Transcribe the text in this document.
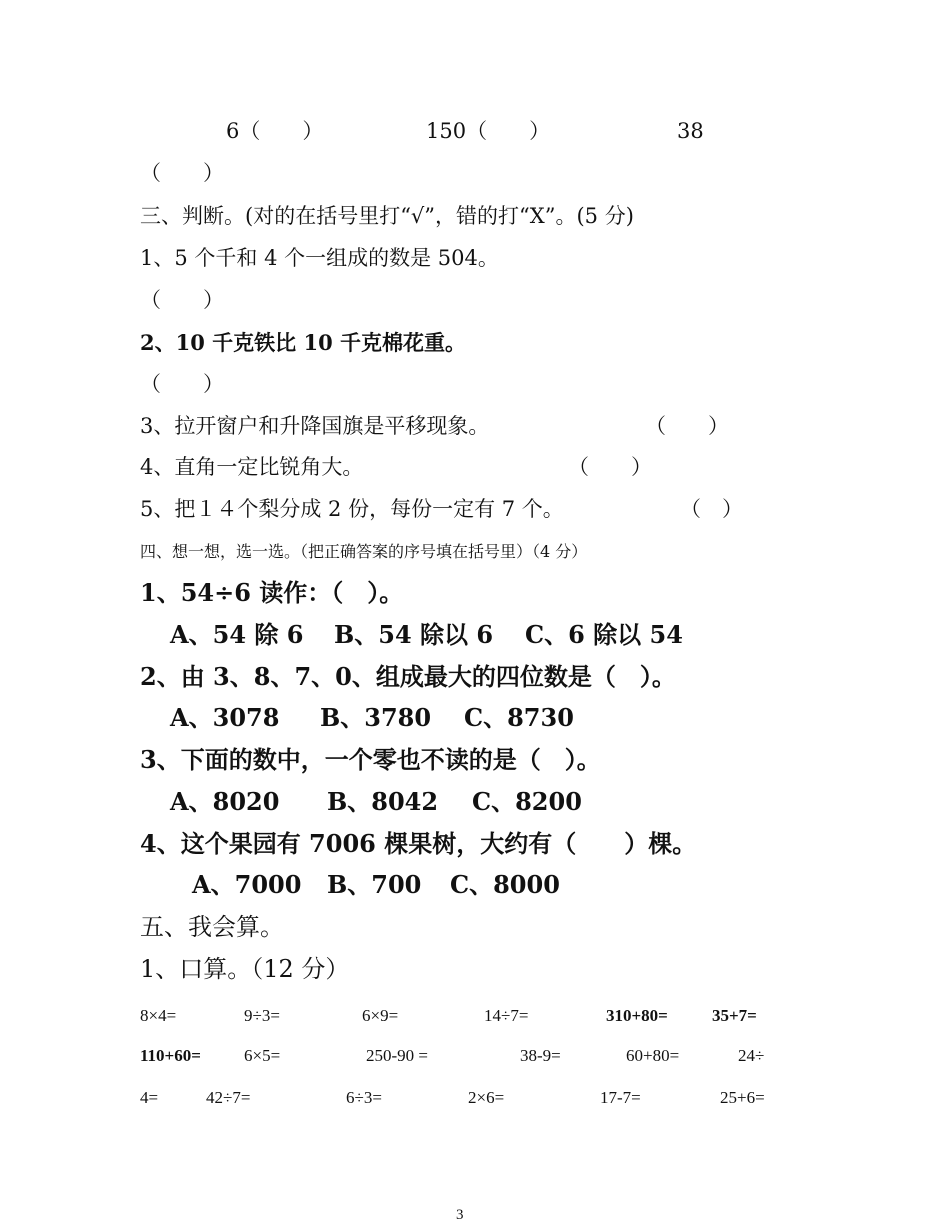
6（　　）	150（　　）	38
（　　）
三、判断。(对的在括号里打“√”，错的打“X”。(5 分)
1、5 个千和 4 个一组成的数是 504。
（　　）
2、10 千克铁比 10 千克棉花重。
（　　）
3、拉开窗户和升降国旗是平移现象。	（　　）
4、直角一定比锐角大。	（　　）
5、把１４个梨分成 2 份，每份一定有 7 个。	（　）
四、想一想，选一选。（把正确答案的序号填在括号里）（4 分）
1、54÷6 读作：（　）。
A、54 除 6 B、54 除以 6 C、6 除以 54
2、由 3、8、7、0、组成最大的四位数是（　）。
A、3078 B、3780 C、8730
3、下面的数中，一个零也不读的是（　）。
A、8020 B、8042 C、8200
4、这个果园有 7006 棵果树，大约有（　　）棵。
A、7000 B、700 C、8000
五、我会算。
1、口算。（12 分）
8×4=	9÷3=	6×9=	14÷7=	310+80=	35+7=
110+60=	6×5=	250-90 =	38-9=	60+80=	24÷
4=	42÷7=	6÷3=	2×6=	17-7=	25+6=
3
